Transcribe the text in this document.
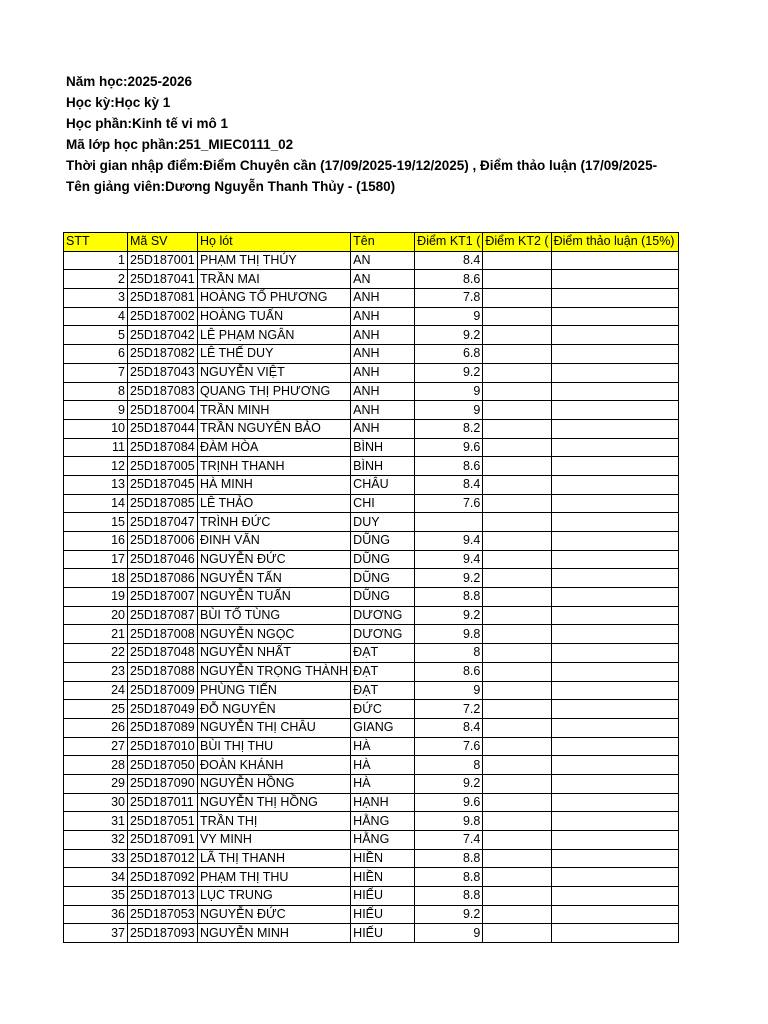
Năm học:2025-2026
Học kỳ:Học kỳ 1
Học phần:Kinh tế vi mô 1
Mã lớp học phần:251_MIEC0111_02
Thời gian nhập điểm:Điểm Chuyên cần (17/09/2025-19/12/2025) , Điểm thảo luận (17/09/2025-
Tên giảng viên:Dương Nguyễn Thanh Thủy - (1580)
STT	Mã SV	Họ lót	Tên	Điểm KT1 (	Điểm KT2 (	Điểm thảo luận (15%)
1	25D187001	PHẠM THỊ THÚY	AN	8.4		
2	25D187041	TRẦN MAI	AN	8.6		
3	25D187081	HOÀNG TỐ PHƯƠNG	ANH	7.8		
4	25D187002	HOÀNG TUẤN	ANH	9		
5	25D187042	LÊ PHẠM NGÂN	ANH	9.2		
6	25D187082	LÊ THẾ DUY	ANH	6.8		
7	25D187043	NGUYỄN VIỆT	ANH	9.2		
8	25D187083	QUANG THỊ PHƯƠNG	ANH	9		
9	25D187004	TRẦN MINH	ANH	9		
10	25D187044	TRẦN NGUYÊN BẢO	ANH	8.2		
11	25D187084	ĐÀM HÒA	BÌNH	9.6		
12	25D187005	TRỊNH THANH	BÌNH	8.6		
13	25D187045	HÀ MINH	CHÂU	8.4		
14	25D187085	LÊ THẢO	CHI	7.6		
15	25D187047	TRÌNH ĐỨC	DUY			
16	25D187006	ĐINH VĂN	DŨNG	9.4		
17	25D187046	NGUYỄN ĐỨC	DŨNG	9.4		
18	25D187086	NGUYỄN TẤN	DŨNG	9.2		
19	25D187007	NGUYỄN TUẤN	DŨNG	8.8		
20	25D187087	BÙI TỐ TÙNG	DƯƠNG	9.2		
21	25D187008	NGUYỄN NGỌC	DƯƠNG	9.8		
22	25D187048	NGUYỄN NHẤT	ĐẠT	8		
23	25D187088	NGUYỄN TRỌNG THÀNH	ĐẠT	8.6		
24	25D187009	PHÙNG TIẾN	ĐẠT	9		
25	25D187049	ĐỖ NGUYÊN	ĐỨC	7.2		
26	25D187089	NGUYỄN THỊ CHÂU	GIANG	8.4		
27	25D187010	BÙI THỊ THU	HÀ	7.6		
28	25D187050	ĐOÀN KHÁNH	HÀ	8		
29	25D187090	NGUYỄN HỒNG	HÀ	9.2		
30	25D187011	NGUYỄN THỊ HỒNG	HẠNH	9.6		
31	25D187051	TRẦN THỊ	HẰNG	9.8		
32	25D187091	VY MINH	HẰNG	7.4		
33	25D187012	LÃ THỊ THANH	HIỀN	8.8		
34	25D187092	PHẠM THỊ THU	HIỀN	8.8		
35	25D187013	LỤC TRUNG	HIẾU	8.8		
36	25D187053	NGUYỄN ĐỨC	HIẾU	9.2		
37	25D187093	NGUYỄN MINH	HIẾU	9		
